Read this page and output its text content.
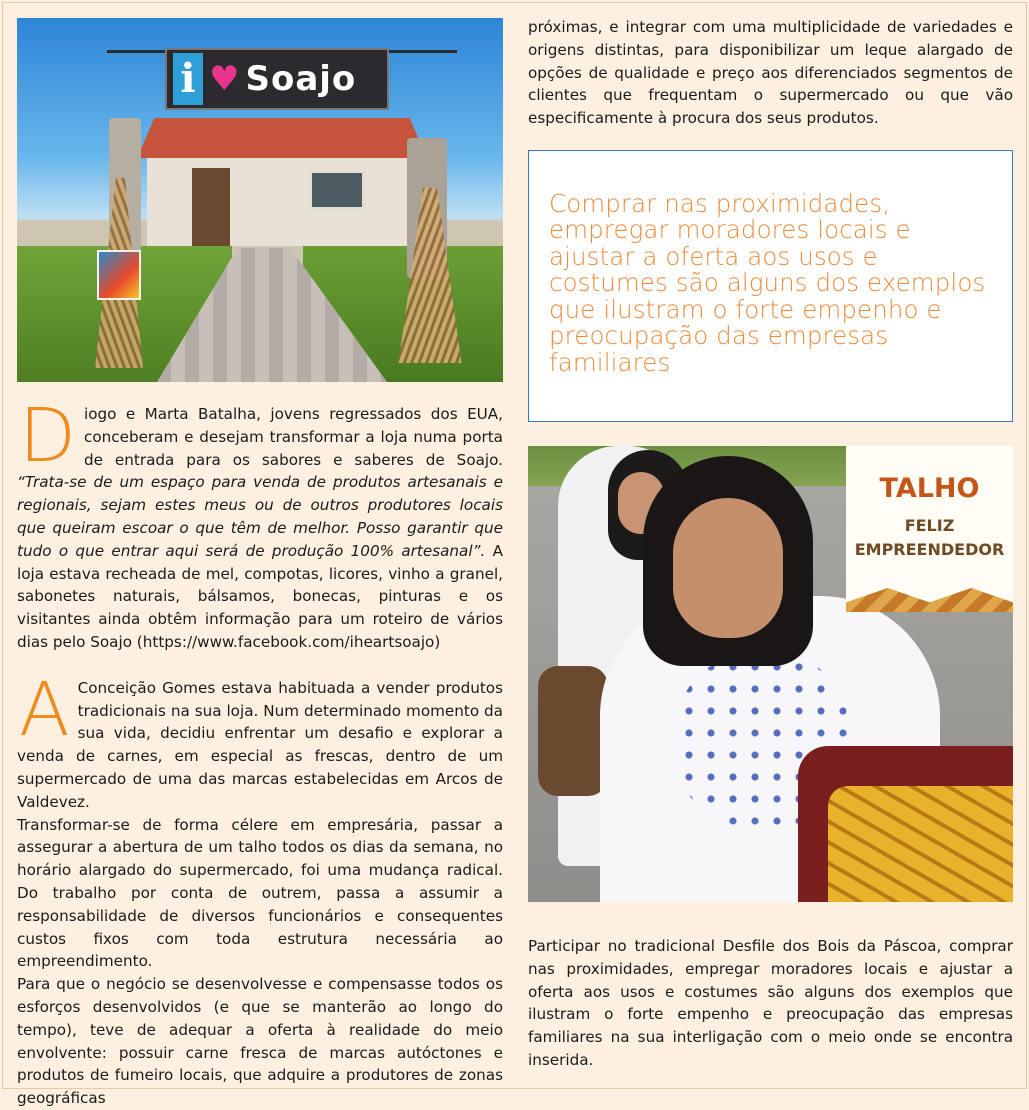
i ♥ Soajo

Diogo e Marta Batalha, jovens regressados dos EUA, conceberam e desejam transformar a loja numa porta de entrada para os sabores e saberes de Soajo. “Trata-se de um espaço para venda de produtos artesanais e regionais, sejam estes meus ou de outros produtores locais que queiram escoar o que têm de melhor. Posso garantir que tudo o que entrar aqui será de produção 100% artesanal”. A loja estava recheada de mel, compotas, licores, vinho a granel, sabonetes naturais, bálsamos, bonecas, pinturas e os visitantes ainda obtêm informação para um roteiro de vários dias pelo Soajo (https://www.facebook.com/iheartsoajo)

A Conceição Gomes estava habituada a vender produtos tradicionais na sua loja. Num determinado momento da sua vida, decidiu enfrentar um desafio e explorar a venda de carnes, em especial as frescas, dentro de um supermercado de uma das marcas estabelecidas em Arcos de Valdevez.

Transformar-se de forma célere em empresária, passar a assegurar a abertura de um talho todos os dias da semana, no horário alargado do supermercado, foi uma mudança radical. Do trabalho por conta de outrem, passa a assumir a responsabilidade de diversos funcionários e consequentes custos fixos com toda estrutura necessária ao empreendimento.

Para que o negócio se desenvolvesse e compensasse todos os esforços desenvolvidos (e que se manterão ao longo do tempo), teve de adequar a oferta à realidade do meio envolvente: possuir carne fresca de marcas autóctones e produtos de fumeiro locais, que adquire a produtores de zonas geográficas

próximas, e integrar com uma multiplicidade de variedades e origens distintas, para disponibilizar um leque alargado de opções de qualidade e preço aos diferenciados segmentos de clientes que frequentam o supermercado ou que vão especificamente à procura dos seus produtos.

Comprar nas proximidades, empregar moradores locais e ajustar a oferta aos usos e costumes são alguns dos exemplos que ilustram o forte empenho e preocupação das empresas familiares
TALHO
FELIZ
EMPREENDEDOR

Participar no tradicional Desfile dos Bois da Páscoa, comprar nas proximidades, empregar moradores locais e ajustar a oferta aos usos e costumes são alguns dos exemplos que ilustram o forte empenho e preocupação das empresas familiares na sua interligação com o meio onde se encontra inserida.
